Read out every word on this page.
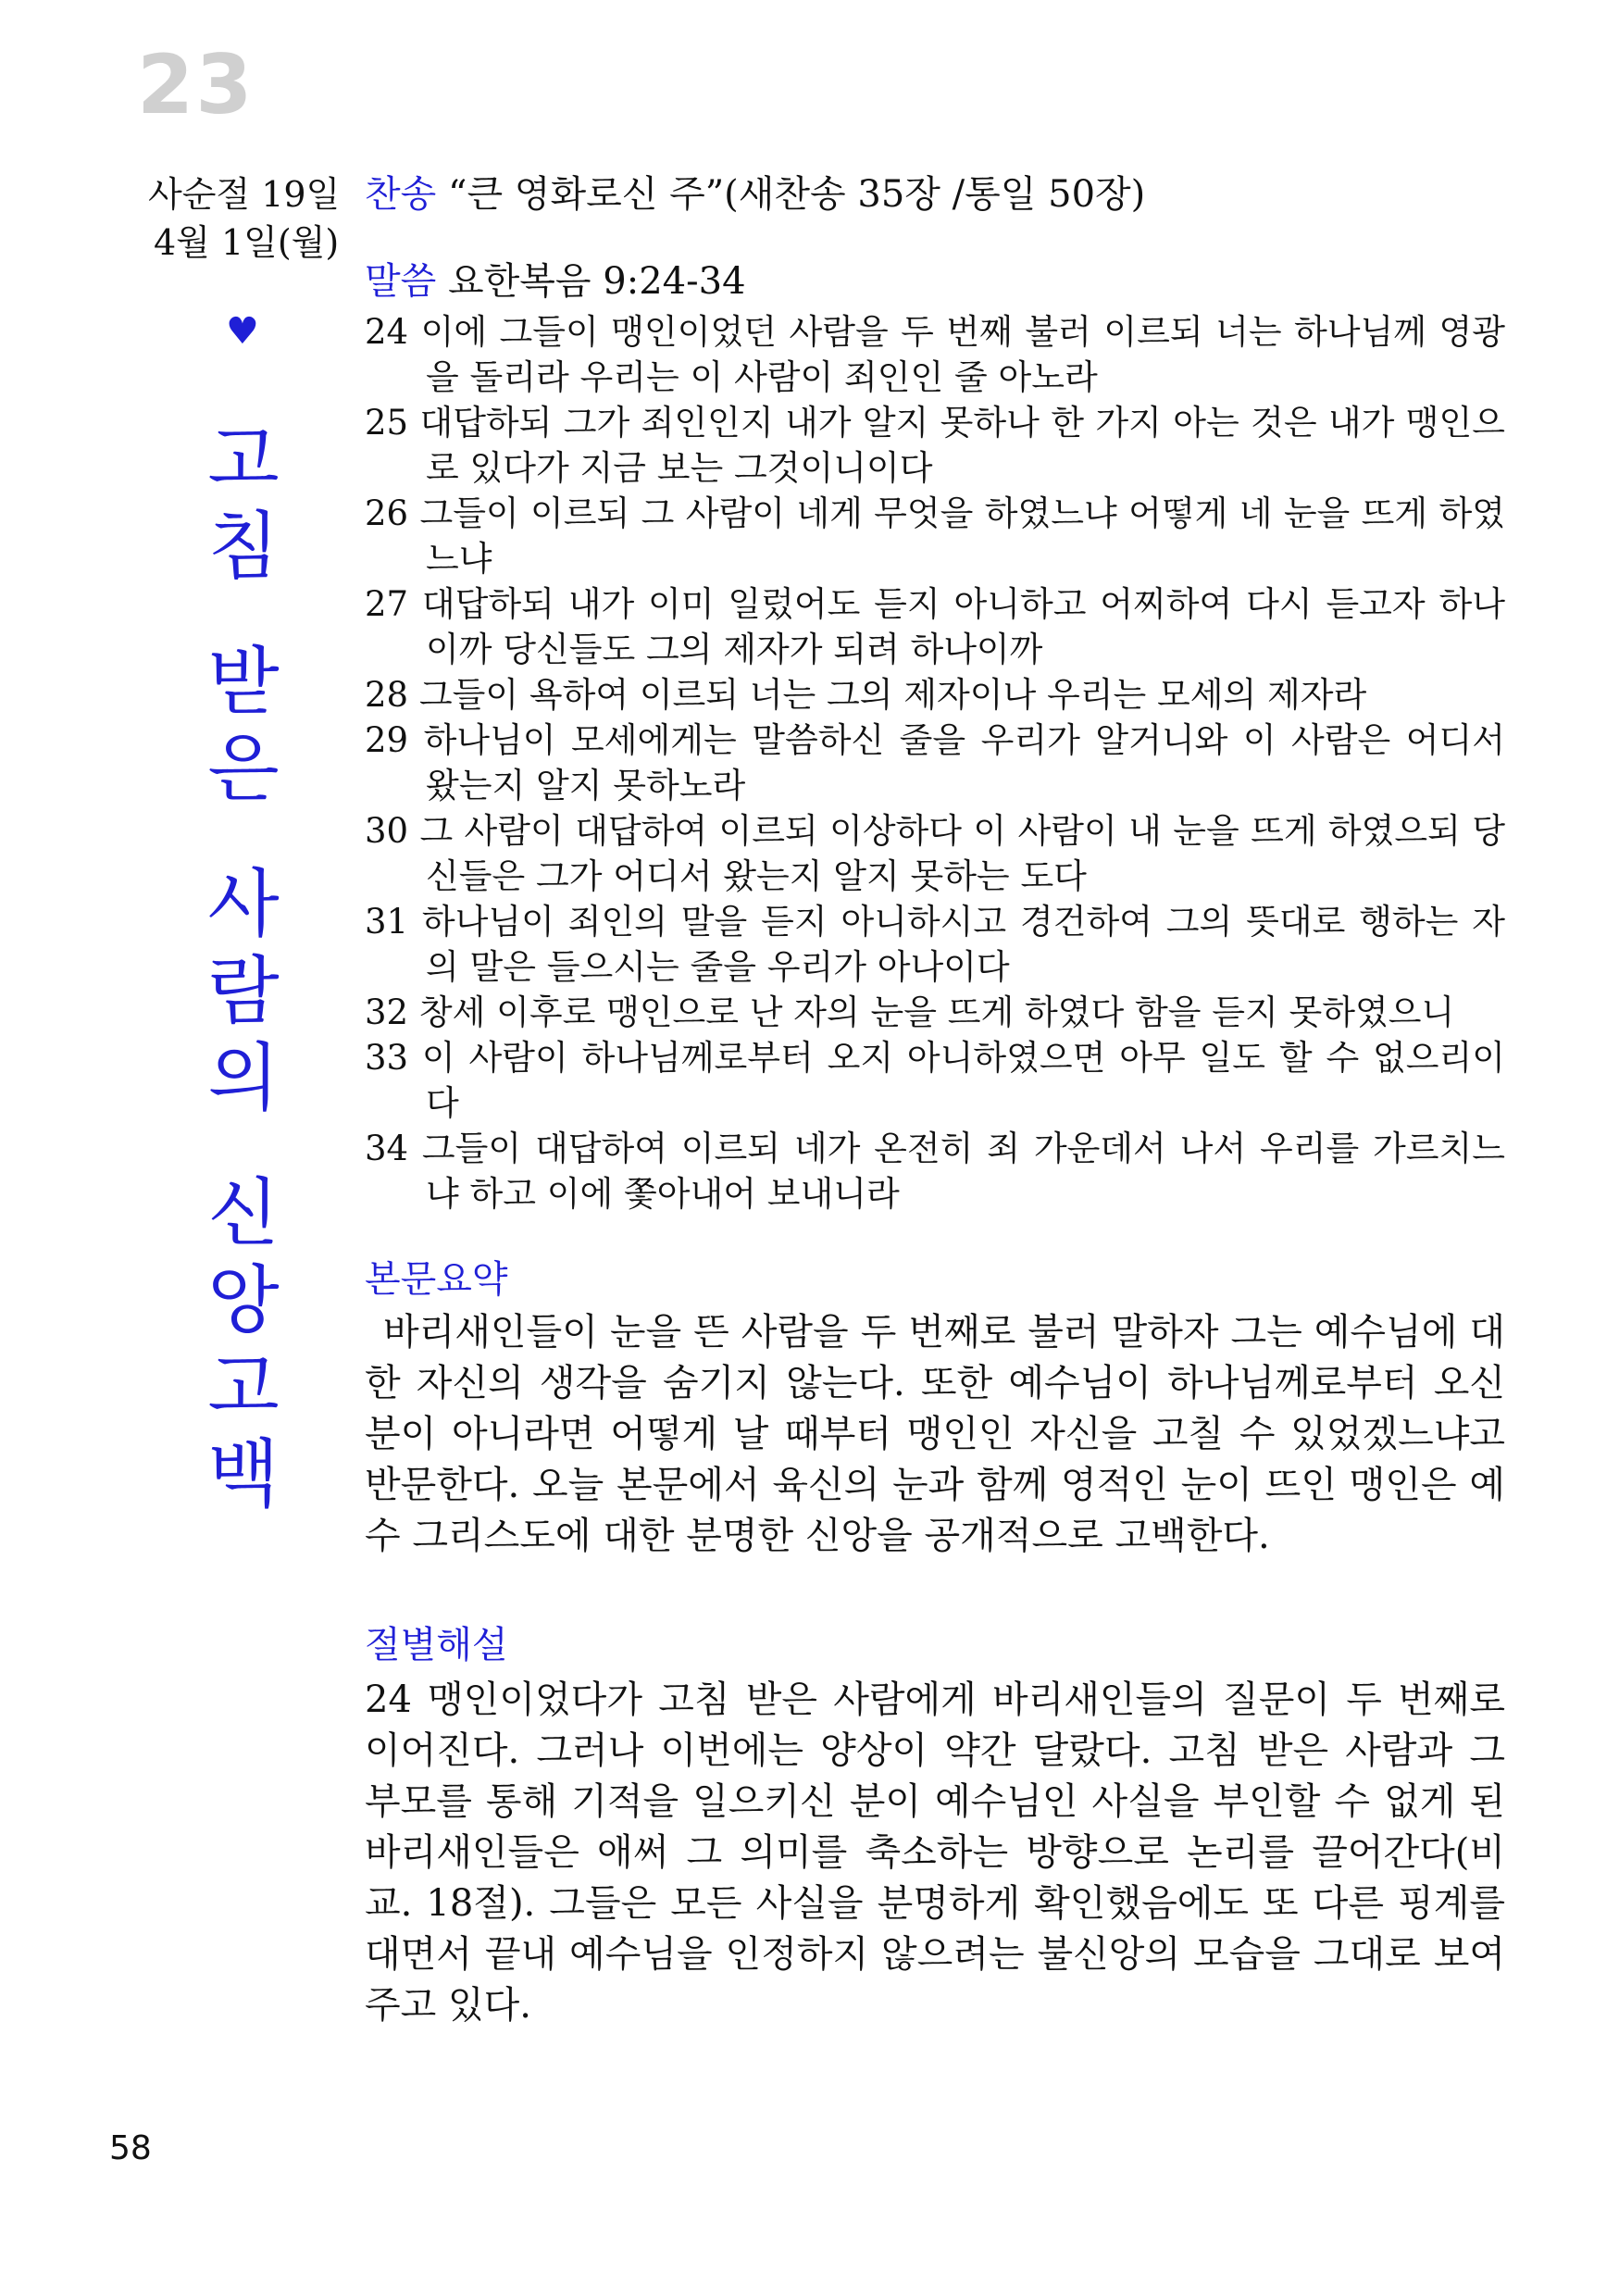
23
사순절 19일
4월 1일(월)
♥
고
침
받
은
사
람
의
신
앙
고
백
찬송 “큰 영화로신 주”(새찬송 35장 /통일 50장)
말씀 요한복음 9:24-34
24 이에 그들이 맹인이었던 사람을 두 번째 불러 이르되 너는 하나님께 영광을 돌리라 우리는 이 사람이 죄인인 줄 아노라
25 대답하되 그가 죄인인지 내가 알지 못하나 한 가지 아는 것은 내가 맹인으로 있다가 지금 보는 그것이니이다
26 그들이 이르되 그 사람이 네게 무엇을 하였느냐 어떻게 네 눈을 뜨게 하였느냐
27 대답하되 내가 이미 일렀어도 듣지 아니하고 어찌하여 다시 듣고자 하나이까 당신들도 그의 제자가 되려 하나이까
28 그들이 욕하여 이르되 너는 그의 제자이나 우리는 모세의 제자라
29 하나님이 모세에게는 말씀하신 줄을 우리가 알거니와 이 사람은 어디서 왔는지 알지 못하노라
30 그 사람이 대답하여 이르되 이상하다 이 사람이 내 눈을 뜨게 하였으되 당신들은 그가 어디서 왔는지 알지 못하는 도다
31 하나님이 죄인의 말을 듣지 아니하시고 경건하여 그의 뜻대로 행하는 자의 말은 들으시는 줄을 우리가 아나이다
32 창세 이후로 맹인으로 난 자의 눈을 뜨게 하였다 함을 듣지 못하였으니
33 이 사람이 하나님께로부터 오지 아니하였으면 아무 일도 할 수 없으리이다
34 그들이 대답하여 이르되 네가 온전히 죄 가운데서 나서 우리를 가르치느냐 하고 이에 쫓아내어 보내니라
본문요약
바리새인들이 눈을 뜬 사람을 두 번째로 불러 말하자 그는 예수님에 대한 자신의 생각을 숨기지 않는다. 또한 예수님이 하나님께로부터 오신 분이 아니라면 어떻게 날 때부터 맹인인 자신을 고칠 수 있었겠느냐고 반문한다. 오늘 본문에서 육신의 눈과 함께 영적인 눈이 뜨인 맹인은 예수 그리스도에 대한 분명한 신앙을 공개적으로 고백한다.
절별해설
24 맹인이었다가 고침 받은 사람에게 바리새인들의 질문이 두 번째로 이어진다. 그러나 이번에는 양상이 약간 달랐다. 고침 받은 사람과 그 부모를 통해 기적을 일으키신 분이 예수님인 사실을 부인할 수 없게 된 바리새인들은 애써 그 의미를 축소하는 방향으로 논리를 끌어간다(비교. 18절). 그들은 모든 사실을 분명하게 확인했음에도 또 다른 핑계를 대면서 끝내 예수님을 인정하지 않으려는 불신앙의 모습을 그대로 보여주고 있다.
58
